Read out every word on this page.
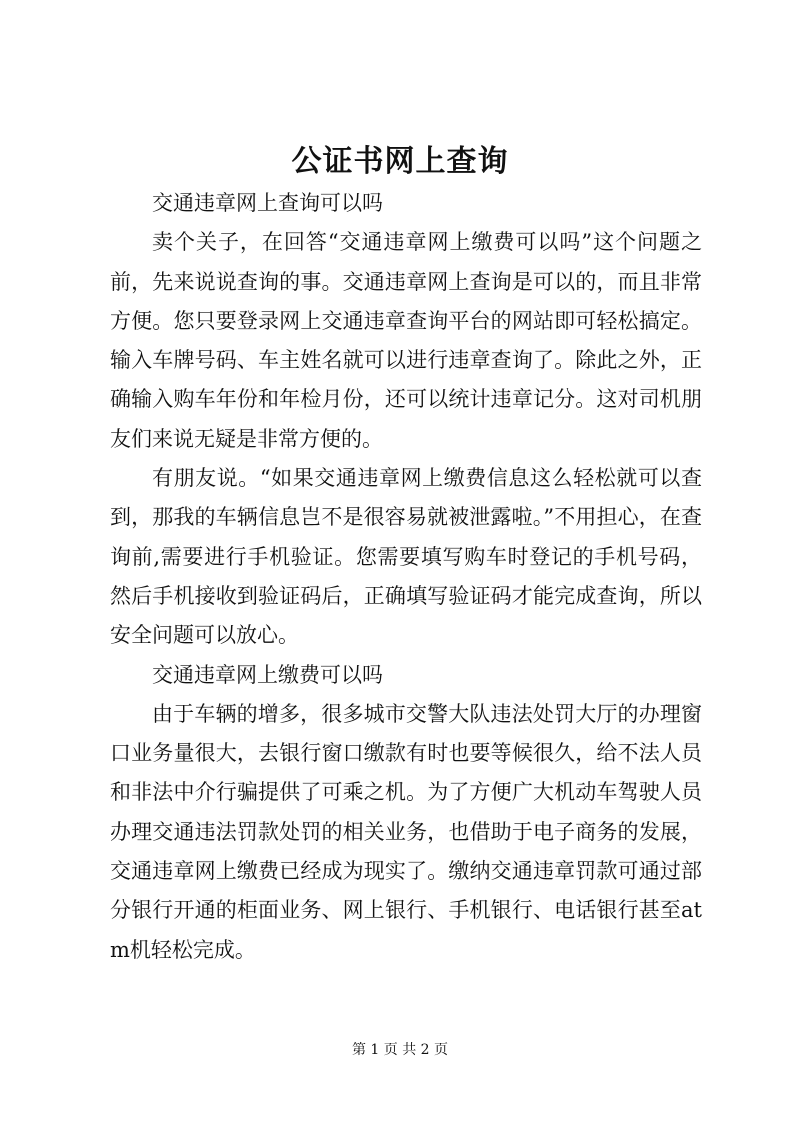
公证书网上查询

交通违章网上查询可以吗

卖个关子，在回答“交通违章网上缴费可以吗”这个问题之前，先来说说查询的事。交通违章网上查询是可以的，而且非常方便。您只要登录网上交通违章查询平台的网站即可轻松搞定。输入车牌号码、车主姓名就可以进行违章查询了。除此之外，正确输入购车年份和年检月份，还可以统计违章记分。这对司机朋友们来说无疑是非常方便的。

有朋友说。“如果交通违章网上缴费信息这么轻松就可以查到，那我的车辆信息岂不是很容易就被泄露啦。”不用担心，在查询前,需要进行手机验证。您需要填写购车时登记的手机号码，然后手机接收到验证码后，正确填写验证码才能完成查询，所以安全问题可以放心。

交通违章网上缴费可以吗

由于车辆的增多，很多城市交警大队违法处罚大厅的办理窗口业务量很大，去银行窗口缴款有时也要等候很久，给不法人员和非法中介行骗提供了可乘之机。为了方便广大机动车驾驶人员办理交通违法罚款处罚的相关业务，也借助于电子商务的发展，交通违章网上缴费已经成为现实了。缴纳交通违章罚款可通过部分银行开通的柜面业务、网上银行、手机银行、电话银行甚至atm机轻松完成。

第 1 页 共 2 页
